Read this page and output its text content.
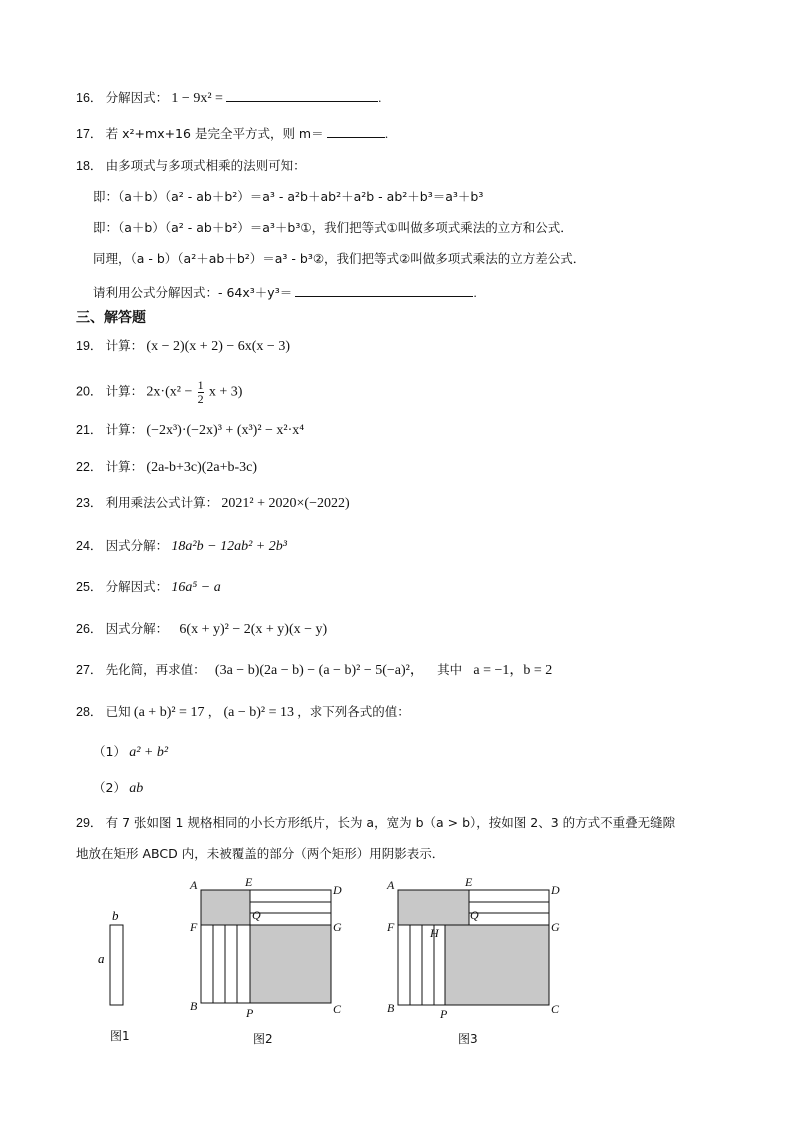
16． 分解因式： 1 − 9x² =	.
17． 若 x²+mx+16 是完全平方式，则 m＝	.
18． 由多项式与多项式相乘的法则可知：
即：（a＋b）（a² - ab＋b²）＝a³ - a²b＋ab²＋a²b - ab²＋b³＝a³＋b³
即：（a＋b）（a² - ab＋b²）＝a³＋b³①，我们把等式①叫做多项式乘法的立方和公式．
同理，（a - b）（a²＋ab＋b²）＝a³ - b³②，我们把等式②叫做多项式乘法的立方差公式．
请利用公式分解因式：- 64x³＋y³＝	.
三、解答题
19． 计算： (x − 2)(x + 2) − 6x(x − 3)
20． 计算： $2x\cdot(x^2 - \frac{1}{2}$ x + 3)
21． 计算： (−2x³)·(−2x)³ + (x³)² − x²·x⁴
22． 计算： (2a-b+3c)(2a+b-3c)
23． 利用乘法公式计算： 2021² + 2020×(−2022)
24． 因式分解： 18a²b − 12ab² + 2b³
25． 分解因式： 16a⁵ − a
26． 因式分解： 6(x + y)² − 2(x + y)(x − y)
27． 先化简，再求值： (3a − b)(2a − b) − (a − b)² − 5(−a)²， 其中 a = −1，b = 2
28． 已知 (a + b)² = 17 ， (a − b)² = 13 ，求下列各式的值：
（1） a² + b²
（2） ab
29． 有 7 张如图 1 规格相同的小长方形纸片，长为 a，宽为 b（a > b），按如图 2、3 的方式不重叠无缝隙
地放在矩形 ABCD 内，未被覆盖的部分（两个矩形）用阴影表示．
b
a
图1
A	E
D
Q
F	G
B	P	C
图2
A	E
D
Q
F	H	G
B	P	C
图3
